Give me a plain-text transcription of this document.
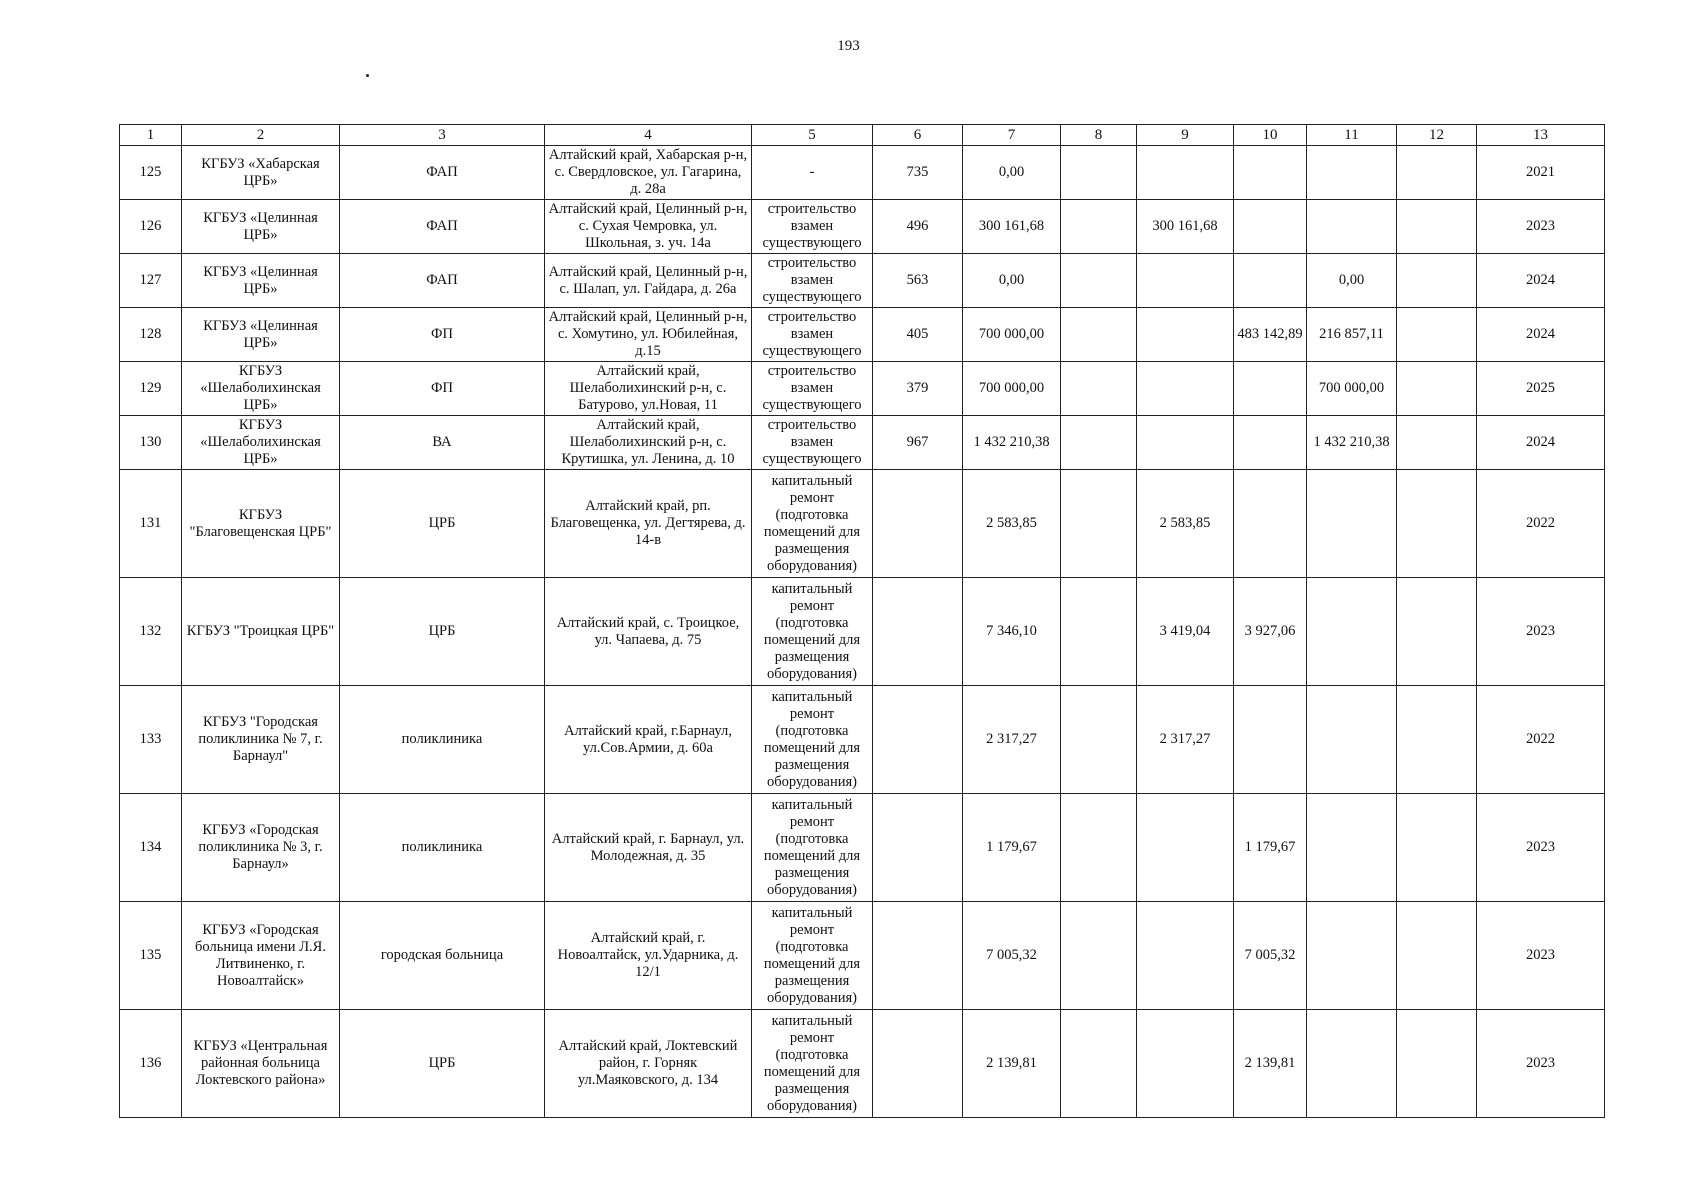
193
1	2	3	4	5	6	7	8	9	10	11	12	13
125	КГБУЗ «Хабарская ЦРБ»	ФАП	Алтайский край, Хабарская р-н, с. Свердловское, ул. Гагарина, д. 28а	-	735	0,00						2021
126	КГБУЗ «Целинная ЦРБ»	ФАП	Алтайский край, Целинный р-н, с. Сухая Чемровка, ул. Школьная, з. уч. 14а	строительство взамен существующего	496	300 161,68		300 161,68				2023
127	КГБУЗ «Целинная ЦРБ»	ФАП	Алтайский край, Целинный р-н, с. Шалап, ул. Гайдара, д. 26а	строительство взамен существующего	563	0,00				0,00		2024
128	КГБУЗ «Целинная ЦРБ»	ФП	Алтайский край, Целинный р-н, с. Хомутино, ул. Юбилейная, д.15	строительство взамен существующего	405	700 000,00			483 142,89	216 857,11		2024
129	КГБУЗ «Шелаболихинская ЦРБ»	ФП	Алтайский край, Шелаболихинский р-н, с. Батурово, ул.Новая, 11	строительство взамен существующего	379	700 000,00				700 000,00		2025
130	КГБУЗ «Шелаболихинская ЦРБ»	ВА	Алтайский край, Шелаболихинский р-н, с. Крутишка, ул. Ленина, д. 10	строительство взамен существующего	967	1 432 210,38				1 432 210,38		2024
131	КГБУЗ "Благовещенская ЦРБ"	ЦРБ	Алтайский край, рп. Благовещенка, ул. Дегтярева, д. 14-в	капитальный ремонт (подготовка помещений для размещения оборудования)		2 583,85		2 583,85				2022
132	КГБУЗ "Троицкая ЦРБ"	ЦРБ	Алтайский край, с. Троицкое, ул. Чапаева, д. 75	капитальный ремонт (подготовка помещений для размещения оборудования)		7 346,10		3 419,04	3 927,06			2023
133	КГБУЗ "Городская поликлиника № 7, г. Барнаул"	поликлиника	Алтайский край, г.Барнаул, ул.Сов.Армии, д. 60а	капитальный ремонт (подготовка помещений для размещения оборудования)		2 317,27		2 317,27				2022
134	КГБУЗ «Городская поликлиника № 3, г. Барнаул»	поликлиника	Алтайский край, г. Барнаул, ул. Молодежная, д. 35	капитальный ремонт (подготовка помещений для размещения оборудования)		1 179,67			1 179,67			2023
135	КГБУЗ «Городская больница имени Л.Я. Литвиненко, г. Новоалтайск»	городская больница	Алтайский край, г. Новоалтайск, ул.Ударника, д. 12/1	капитальный ремонт (подготовка помещений для размещения оборудования)		7 005,32			7 005,32			2023
136	КГБУЗ «Центральная районная больница Локтевского района»	ЦРБ	Алтайский край, Локтевский район, г. Горняк ул.Маяковского, д. 134	капитальный ремонт (подготовка помещений для размещения оборудования)		2 139,81			2 139,81			2023
